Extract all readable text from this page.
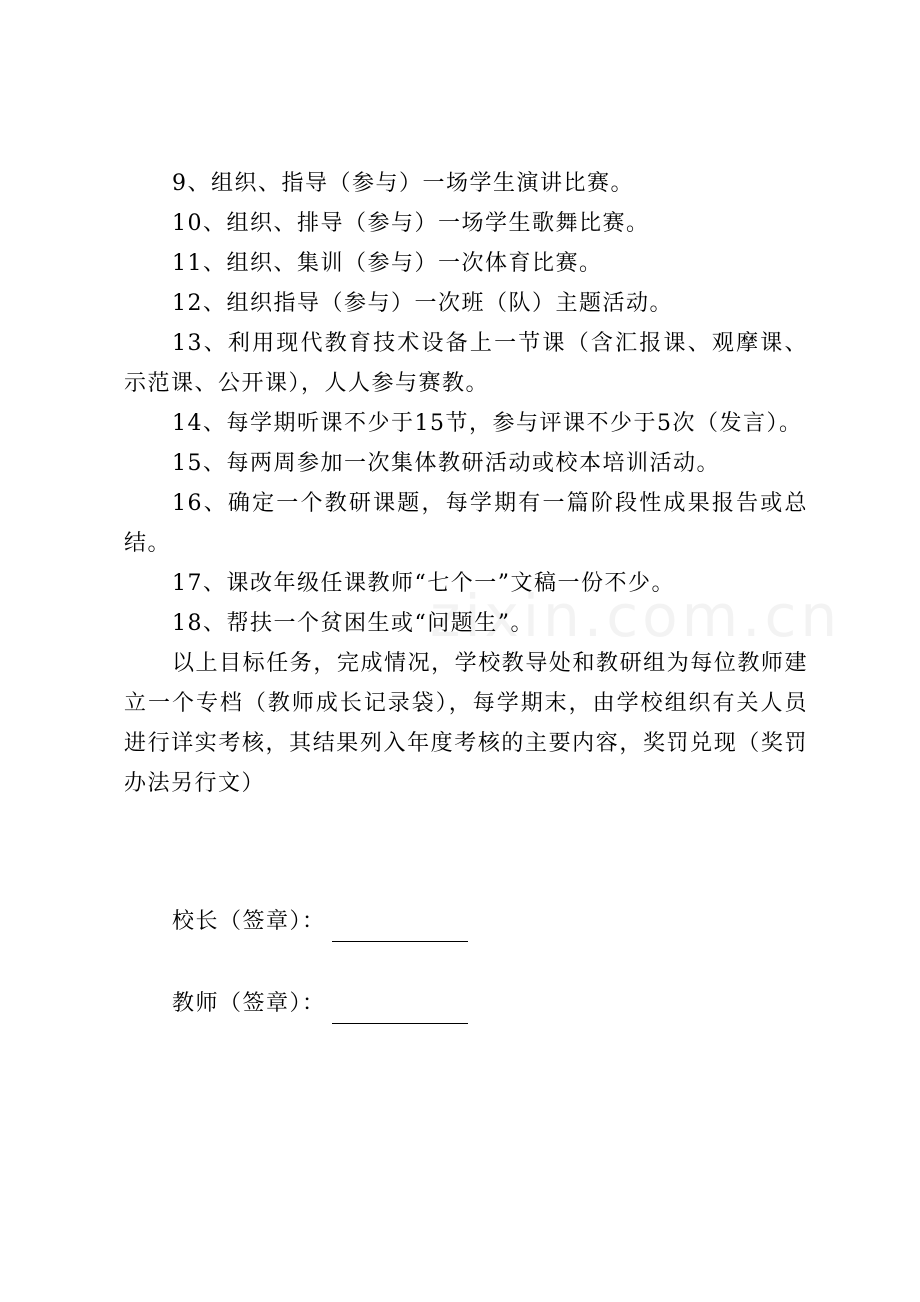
zixin.com.cn

9、组织、指导（参与）一场学生演讲比赛。

10、组织、排导（参与）一场学生歌舞比赛。

11、组织、集训（参与）一次体育比赛。

12、组织指导（参与）一次班（队）主题活动。

13、利用现代教育技术设备上一节课（含汇报课、观摩课、示范课、公开课），人人参与赛教。

14、每学期听课不少于15节，参与评课不少于5次（发言）。

15、每两周参加一次集体教研活动或校本培训活动。

16、确定一个教研课题，每学期有一篇阶段性成果报告或总结。

17、课改年级任课教师“七个一”文稿一份不少。

18、帮扶一个贫困生或“问题生”。

以上目标任务，完成情况，学校教导处和教研组为每位教师建立一个专档（教师成长记录袋），每学期末，由学校组织有关人员进行详实考核，其结果列入年度考核的主要内容，奖罚兑现（奖罚办法另行文）

校长（签章）：
教师（签章）：
